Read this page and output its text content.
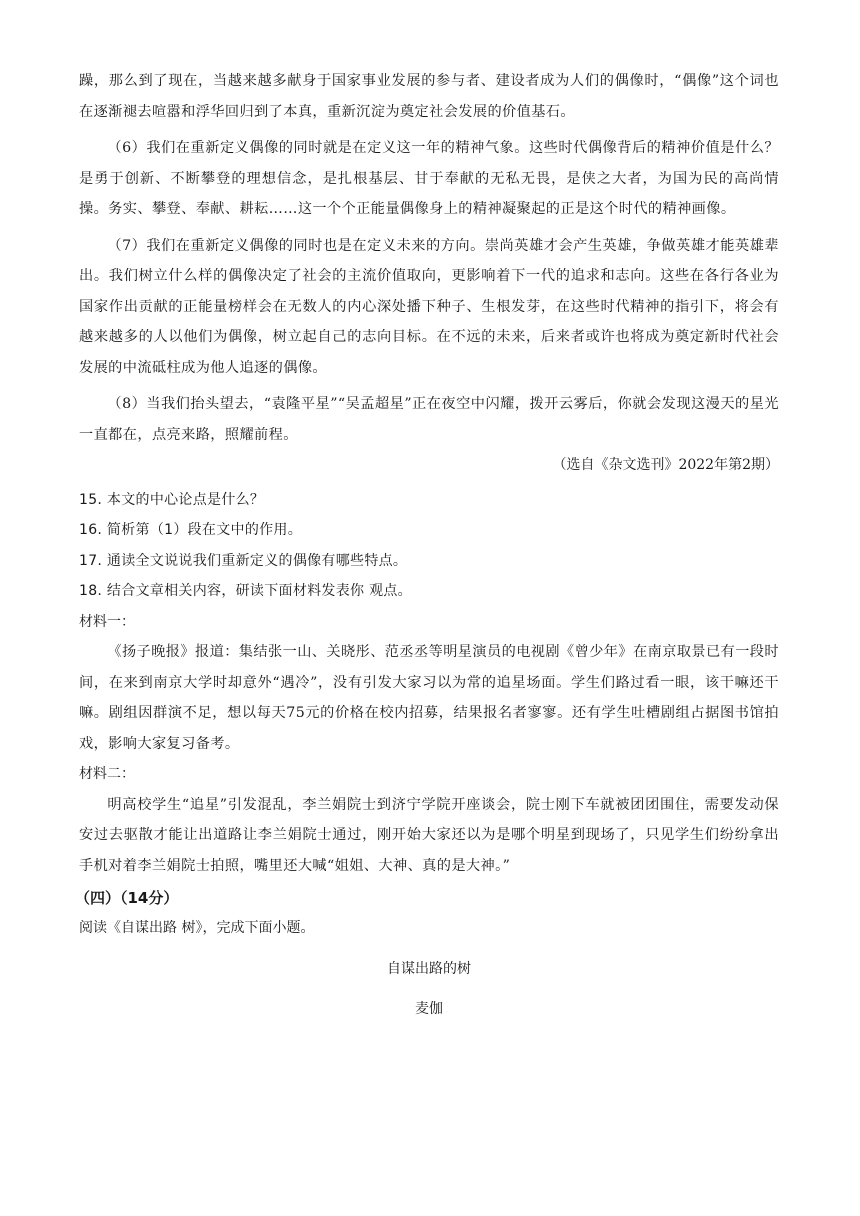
躁，那么到了现在，当越来越多献身于国家事业发展的参与者、建设者成为人们的偶像时，“偶像”这个词也在逐渐褪去喧嚣和浮华回归到了本真，重新沉淀为奠定社会发展的价值基石。

（6）我们在重新定义偶像的同时就是在定义这一年的精神气象。这些时代偶像背后的精神价值是什么？是勇于创新、不断攀登的理想信念，是扎根基层、甘于奉献的无私无畏，是侠之大者，为国为民的高尚情操。务实、攀登、奉献、耕耘……这一个个正能量偶像身上的精神凝聚起的正是这个时代的精神画像。

（7）我们在重新定义偶像的同时也是在定义未来的方向。崇尚英雄才会产生英雄，争做英雄才能英雄辈出。我们树立什么样的偶像决定了社会的主流价值取向，更影响着下一代的追求和志向。这些在各行各业为国家作出贡献的正能量榜样会在无数人的内心深处播下种子、生根发芽，在这些时代精神的指引下，将会有越来越多的人以他们为偶像，树立起自己的志向目标。在不远的未来，后来者或许也将成为奠定新时代社会发展的中流砥柱成为他人追逐的偶像。

（8）当我们抬头望去，“袁隆平星”“吴孟超星”正在夜空中闪耀，拨开云雾后，你就会发现这漫天的星光一直都在，点亮来路，照耀前程。

（选自《杂文选刊》2022年第2期）

15. 本文的中心论点是什么？

16. 简析第（1）段在文中的作用。

17. 通读全文说说我们重新定义的偶像有哪些特点。

18. 结合文章相关内容，研读下面材料发表你 观点。

材料一：

《扬子晚报》报道：集结张一山、关晓彤、范丞丞等明星演员的电视剧《曾少年》在南京取景已有一段时间，在来到南京大学时却意外“遇冷”，没有引发大家习以为常的追星场面。学生们路过看一眼，该干嘛还干嘛。剧组因群演不足，想以每天75元的价格在校内招募，结果报名者寥寥。还有学生吐槽剧组占据图书馆拍戏，影响大家复习备考。

材料二：

明高校学生“追星”引发混乱，李兰娟院士到济宁学院开座谈会，院士刚下车就被团团围住，需要发动保安过去驱散才能让出道路让李兰娟院士通过，刚开始大家还以为是哪个明星到现场了，只见学生们纷纷拿出手机对着李兰娟院士拍照，嘴里还大喊“姐姐、大神、真的是大神。”

（四）（14分）

阅读《自谋出路 树》，完成下面小题。

自谋出路的树

麦伽
